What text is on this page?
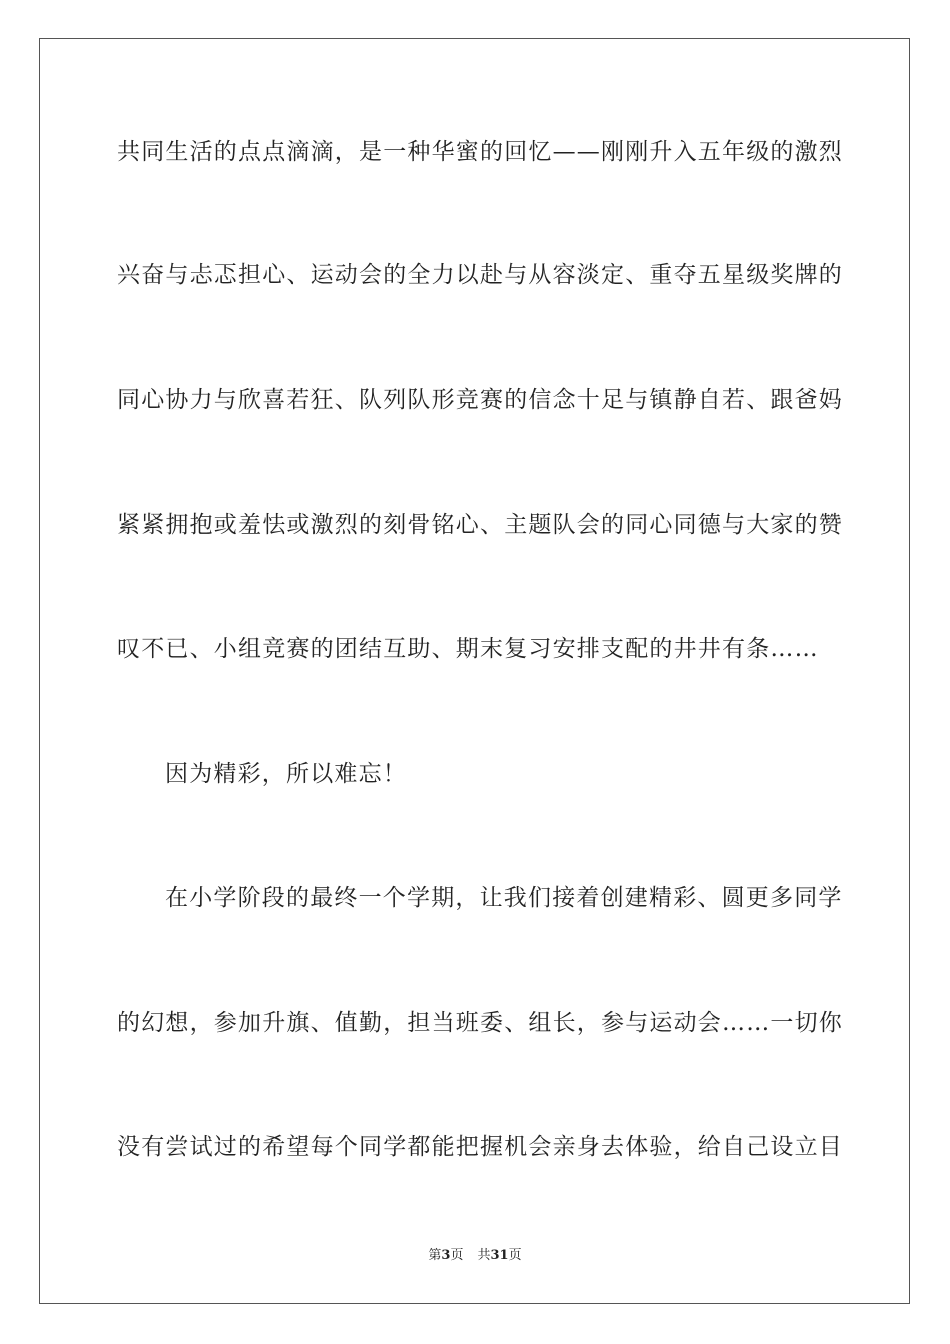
共同生活的点点滴滴，是一种华蜜的回忆——刚刚升入五年级的激烈
兴奋与忐忑担心、运动会的全力以赴与从容淡定、重夺五星级奖牌的
同心协力与欣喜若狂、队列队形竞赛的信念十足与镇静自若、跟爸妈
紧紧拥抱或羞怯或激烈的刻骨铭心、主题队会的同心同德与大家的赞
叹不已、小组竞赛的团结互助、期末复习安排支配的井井有条……
因为精彩，所以难忘！
在小学阶段的最终一个学期，让我们接着创建精彩、圆更多同学
的幻想，参加升旗、值勤，担当班委、组长，参与运动会……一切你
没有尝试过的希望每个同学都能把握机会亲身去体验，给自己设立目
第3页 共31页
